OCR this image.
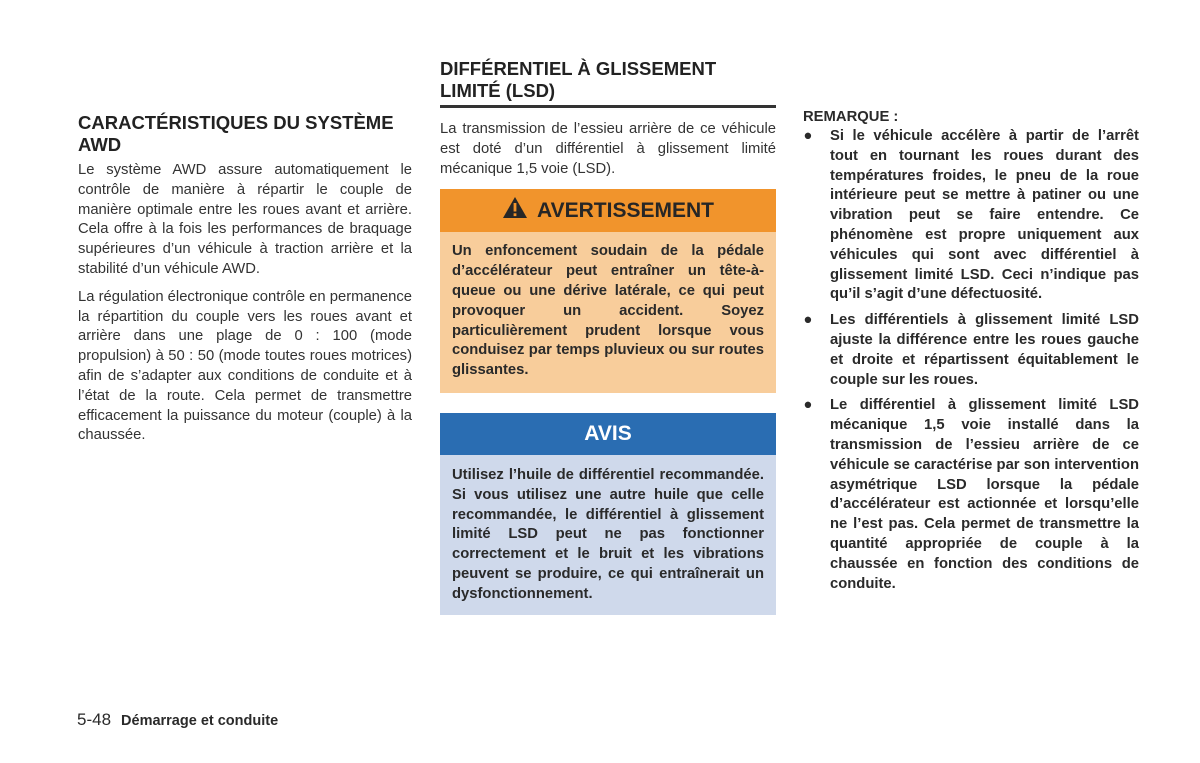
CARACTÉRISTIQUES DU SYSTÈME AWD

Le système AWD assure automatiquement le contrôle de manière à répartir le couple de manière optimale entre les roues avant et arrière. Cela offre à la fois les performances de braquage supérieures d’un véhicule à traction arrière et la stabilité d’un véhicule AWD.

La régulation électronique contrôle en permanence la répartition du couple vers les roues avant et arrière dans une plage de 0 : 100 (mode propulsion) à 50 : 50 (mode toutes roues motrices) afin de s’adapter aux conditions de conduite et à l’état de la route. Cela permet de transmettre efficacement la puissance du moteur (couple) à la chaussée.

DIFFÉRENTIEL À GLISSEMENT LIMITÉ (LSD)

La transmission de l’essieu arrière de ce véhicule est doté d’un différentiel à glissement limité mécanique 1,5 voie (LSD).

AVERTISSEMENT
Un enfoncement soudain de la pédale d’accélérateur peut entraîner un tête-à-queue ou une dérive latérale, ce qui peut provoquer un accident. Soyez particulièrement prudent lorsque vous conduisez par temps pluvieux ou sur routes glissantes.
AVIS
Utilisez l’huile de différentiel recommandée. Si vous utilisez une autre huile que celle recommandée, le différentiel à glissement limité LSD peut ne pas fonctionner correctement et le bruit et les vibrations peuvent se produire, ce qui entraînerait un dysfonctionnement.
REMARQUE :
● Si le véhicule accélère à partir de l’arrêt tout en tournant les roues durant des températures froides, le pneu de la roue intérieure peut se mettre à patiner ou une vibration peut se faire entendre. Ce phénomène est propre uniquement aux véhicules qui sont avec différentiel à glissement limité LSD. Ceci n’indique pas qu’il s’agit d’une défectuosité.
● Les différentiels à glissement limité LSD ajuste la différence entre les roues gauche et droite et répartissent équitablement le couple sur les roues.
● Le différentiel à glissement limité LSD mécanique 1,5 voie installé dans la transmission de l’essieu arrière de ce véhicule se caractérise par son intervention asymétrique LSD lorsque la pédale d’accélérateur est actionnée et lorsqu’elle ne l’est pas. Cela permet de transmettre la quantité appropriée de couple à la chaussée en fonction des conditions de conduite.
5-48 Démarrage et conduite
